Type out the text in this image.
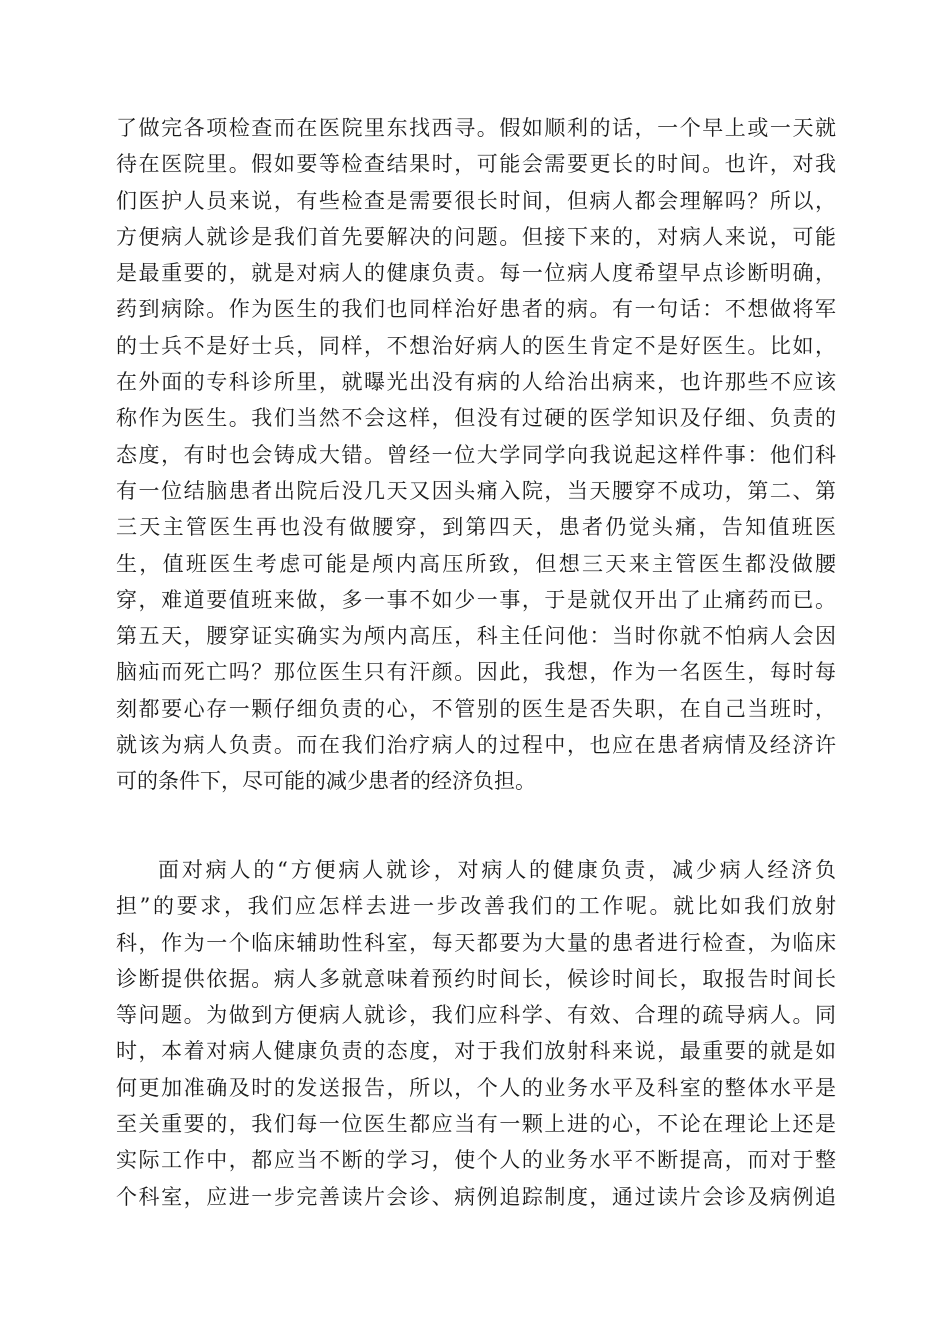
了做完各项检查而在医院里东找西寻。假如顺利的话，一个早上或一天就
待在医院里。假如要等检查结果时，可能会需要更长的时间。也许，对我
们医护人员来说，有些检查是需要很长时间，但病人都会理解吗？所以，
方便病人就诊是我们首先要解决的问题。但接下来的，对病人来说，可能
是最重要的，就是对病人的健康负责。每一位病人度希望早点诊断明确，
药到病除。作为医生的我们也同样治好患者的病。有一句话：不想做将军
的士兵不是好士兵，同样，不想治好病人的医生肯定不是好医生。比如，
在外面的专科诊所里，就曝光出没有病的人给治出病来，也许那些不应该
称作为医生。我们当然不会这样，但没有过硬的医学知识及仔细、负责的
态度，有时也会铸成大错。曾经一位大学同学向我说起这样件事：他们科
有一位结脑患者出院后没几天又因头痛入院，当天腰穿不成功，第二、第
三天主管医生再也没有做腰穿，到第四天，患者仍觉头痛，告知值班医
生，值班医生考虑可能是颅内高压所致，但想三天来主管医生都没做腰
穿，难道要值班来做，多一事不如少一事，于是就仅开出了止痛药而已。
第五天，腰穿证实确实为颅内高压，科主任问他：当时你就不怕病人会因
脑疝而死亡吗？那位医生只有汗颜。因此，我想，作为一名医生，每时每
刻都要心存一颗仔细负责的心，不管别的医生是否失职，在自己当班时，
就该为病人负责。而在我们治疗病人的过程中，也应在患者病情及经济许
可的条件下，尽可能的减少患者的经济负担。
面对病人的“方便病人就诊，对病人的健康负责，减少病人经济负
担”的要求，我们应怎样去进一步改善我们的工作呢。就比如我们放射
科，作为一个临床辅助性科室，每天都要为大量的患者进行检查，为临床
诊断提供依据。病人多就意味着预约时间长，候诊时间长，取报告时间长
等问题。为做到方便病人就诊，我们应科学、有效、合理的疏导病人。同
时，本着对病人健康负责的态度，对于我们放射科来说，最重要的就是如
何更加准确及时的发送报告，所以，个人的业务水平及科室的整体水平是
至关重要的，我们每一位医生都应当有一颗上进的心，不论在理论上还是
实际工作中，都应当不断的学习，使个人的业务水平不断提高，而对于整
个科室，应进一步完善读片会诊、病例追踪制度，通过读片会诊及病例追
